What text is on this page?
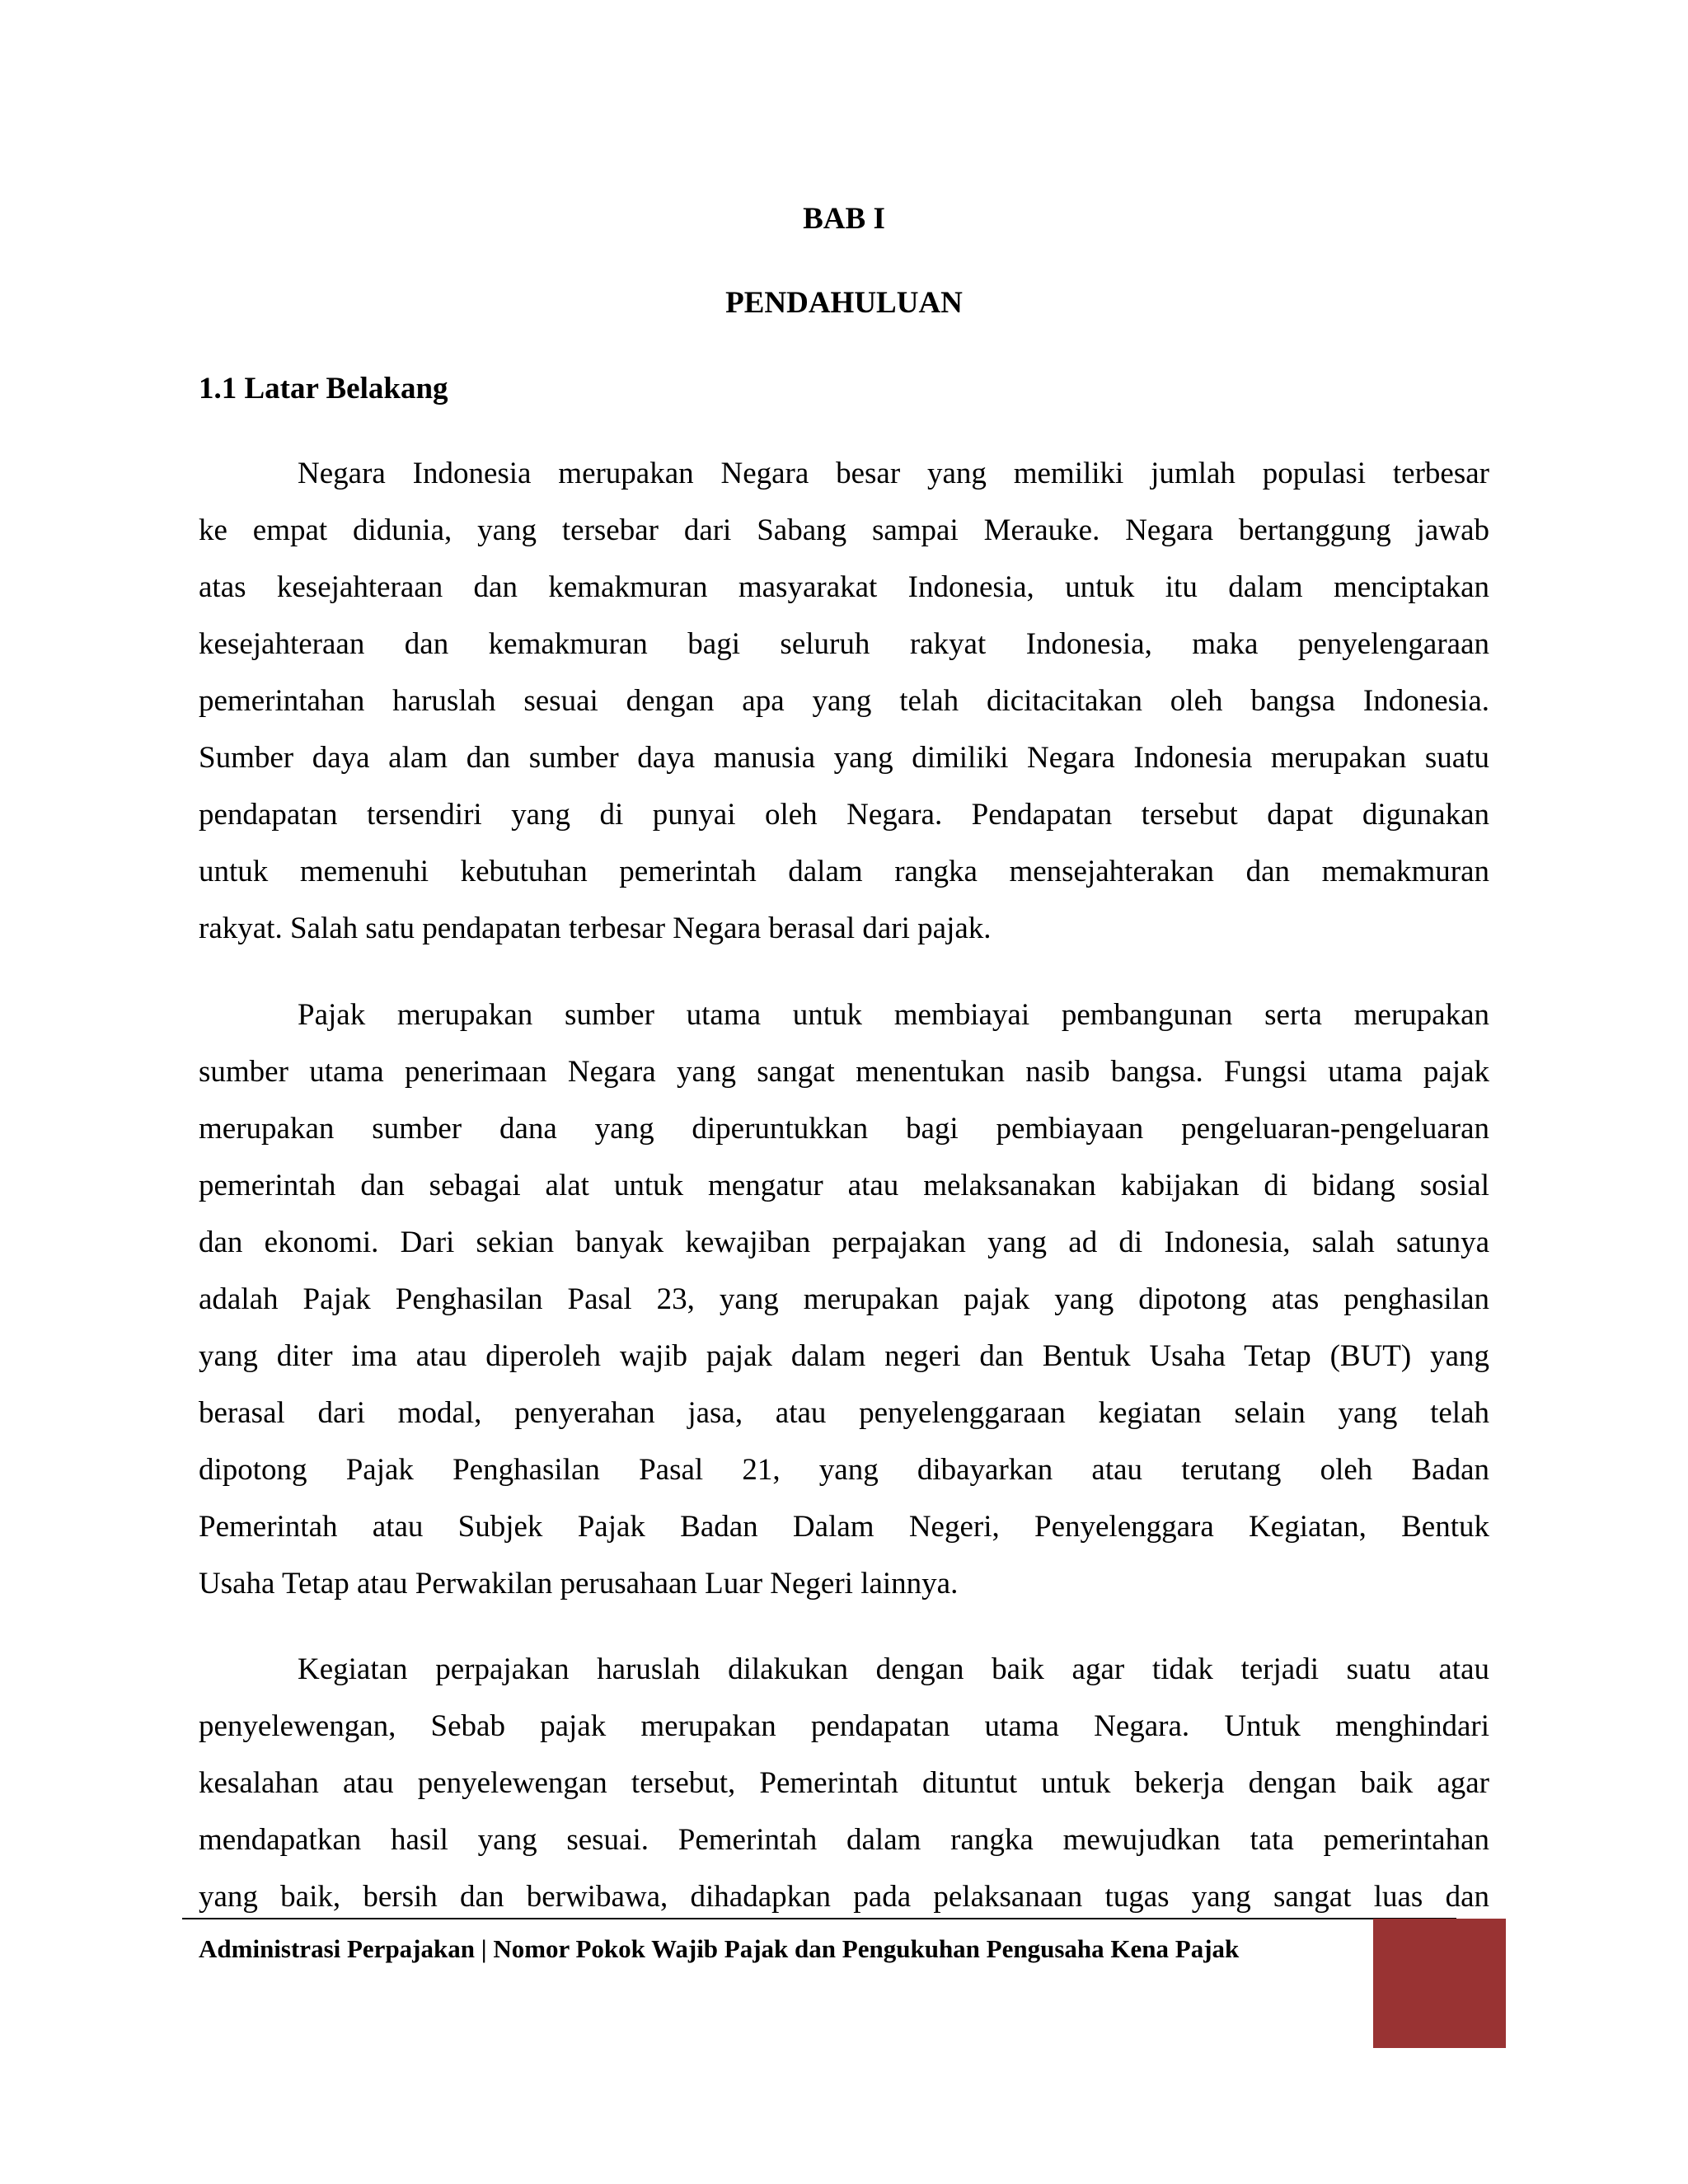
BAB I
PENDAHULUAN
1.1 Latar Belakang
Negara Indonesia merupakan Negara besar yang memiliki jumlah populasi terbesar
ke empat didunia, yang tersebar dari Sabang sampai Merauke. Negara bertanggung jawab
atas kesejahteraan dan kemakmuran masyarakat Indonesia, untuk itu dalam menciptakan
kesejahteraan dan kemakmuran bagi seluruh rakyat Indonesia, maka penyelengaraan
pemerintahan haruslah sesuai dengan apa yang telah dicitacitakan oleh bangsa Indonesia.
Sumber daya alam dan sumber daya manusia yang dimiliki Negara Indonesia merupakan suatu
pendapatan tersendiri yang di punyai oleh Negara. Pendapatan tersebut dapat digunakan
untuk memenuhi kebutuhan pemerintah dalam rangka mensejahterakan dan memakmuran
rakyat. Salah satu pendapatan terbesar Negara berasal dari pajak.
Pajak merupakan sumber utama untuk membiayai pembangunan serta merupakan
sumber utama penerimaan Negara yang sangat menentukan nasib bangsa. Fungsi utama pajak
merupakan sumber dana yang diperuntukkan bagi pembiayaan pengeluaran-pengeluaran
pemerintah dan sebagai alat untuk mengatur atau melaksanakan kabijakan di bidang sosial
dan ekonomi. Dari sekian banyak kewajiban perpajakan yang ad di Indonesia, salah satunya
adalah Pajak Penghasilan Pasal 23, yang merupakan pajak yang dipotong atas penghasilan
yang diter ima atau diperoleh wajib pajak dalam negeri dan Bentuk Usaha Tetap (BUT) yang
berasal dari modal, penyerahan jasa, atau penyelenggaraan kegiatan selain yang telah
dipotong Pajak Penghasilan Pasal 21, yang dibayarkan atau terutang oleh Badan
Pemerintah atau Subjek Pajak Badan Dalam Negeri, Penyelenggara Kegiatan, Bentuk
Usaha Tetap atau Perwakilan perusahaan Luar Negeri lainnya.
Kegiatan perpajakan haruslah dilakukan dengan baik agar tidak terjadi suatu atau
penyelewengan, Sebab pajak merupakan pendapatan utama Negara. Untuk menghindari
kesalahan atau penyelewengan tersebut, Pemerintah dituntut untuk bekerja dengan baik agar
mendapatkan hasil yang sesuai. Pemerintah dalam rangka mewujudkan tata pemerintahan
yang baik, bersih dan berwibawa, dihadapkan pada pelaksanaan tugas yang sangat luas dan
Administrasi Perpajakan | Nomor Pokok Wajib Pajak dan Pengukuhan Pengusaha Kena Pajak
